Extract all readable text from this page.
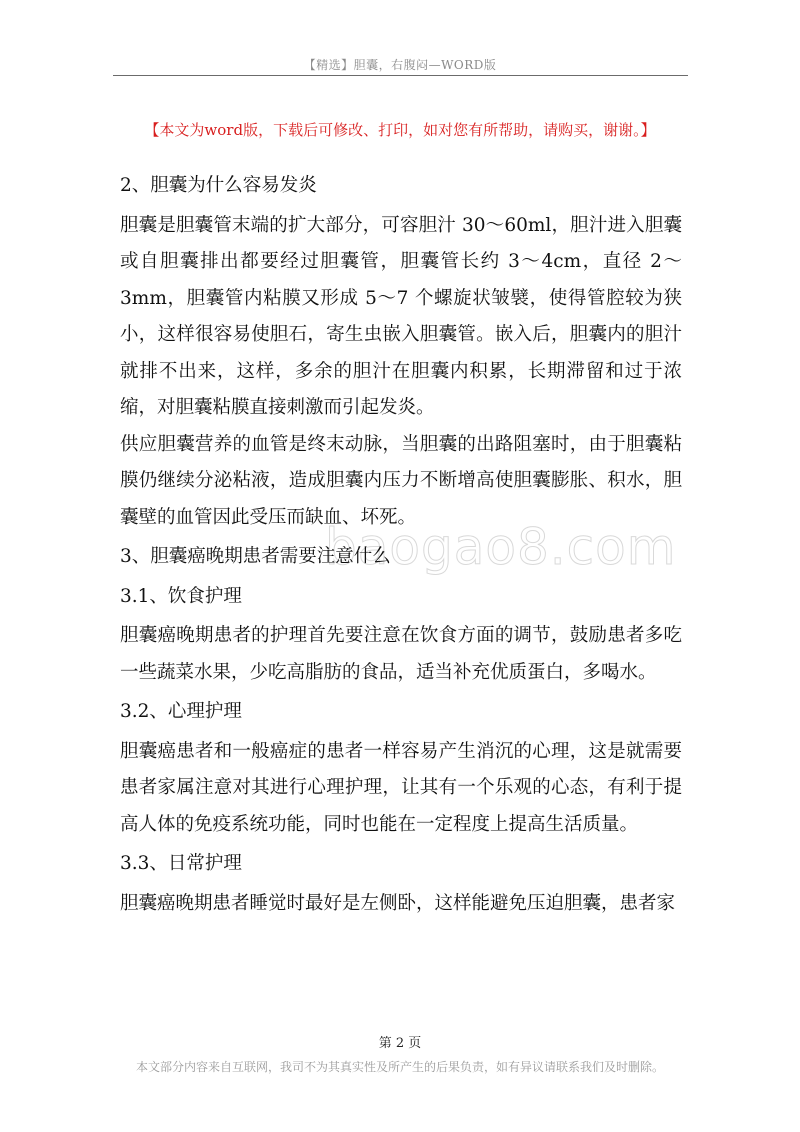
【精选】胆囊，右腹闷—WORD版
【本文为word版，下载后可修改、打印，如对您有所帮助，请购买，谢谢。】
baogao8.com

2、胆囊为什么容易发炎

胆囊是胆囊管末端的扩大部分，可容胆汁 30～60ml，胆汁进入胆囊或自胆囊排出都要经过胆囊管，胆囊管长约 3～4cm，直径 2～3mm，胆囊管内粘膜又形成 5～7 个螺旋状皱襞，使得管腔较为狭小，这样很容易使胆石，寄生虫嵌入胆囊管。嵌入后，胆囊内的胆汁就排不出来，这样，多余的胆汁在胆囊内积累，长期滞留和过于浓缩，对胆囊粘膜直接刺激而引起发炎。

供应胆囊营养的血管是终末动脉，当胆囊的出路阻塞时，由于胆囊粘膜仍继续分泌粘液，造成胆囊内压力不断增高使胆囊膨胀、积水，胆囊壁的血管因此受压而缺血、坏死。

3、胆囊癌晚期患者需要注意什么

3.1、饮食护理

胆囊癌晚期患者的护理首先要注意在饮食方面的调节，鼓励患者多吃一些蔬菜水果，少吃高脂肪的食品，适当补充优质蛋白，多喝水。

3.2、心理护理

胆囊癌患者和一般癌症的患者一样容易产生消沉的心理，这是就需要患者家属注意对其进行心理护理，让其有一个乐观的心态，有利于提高人体的免疫系统功能，同时也能在一定程度上提高生活质量。

3.3、日常护理

胆囊癌晚期患者睡觉时最好是左侧卧，这样能避免压迫胆囊，患者家

第 2 页
本文部分内容来自互联网，我司不为其真实性及所产生的后果负责，如有异议请联系我们及时删除。
